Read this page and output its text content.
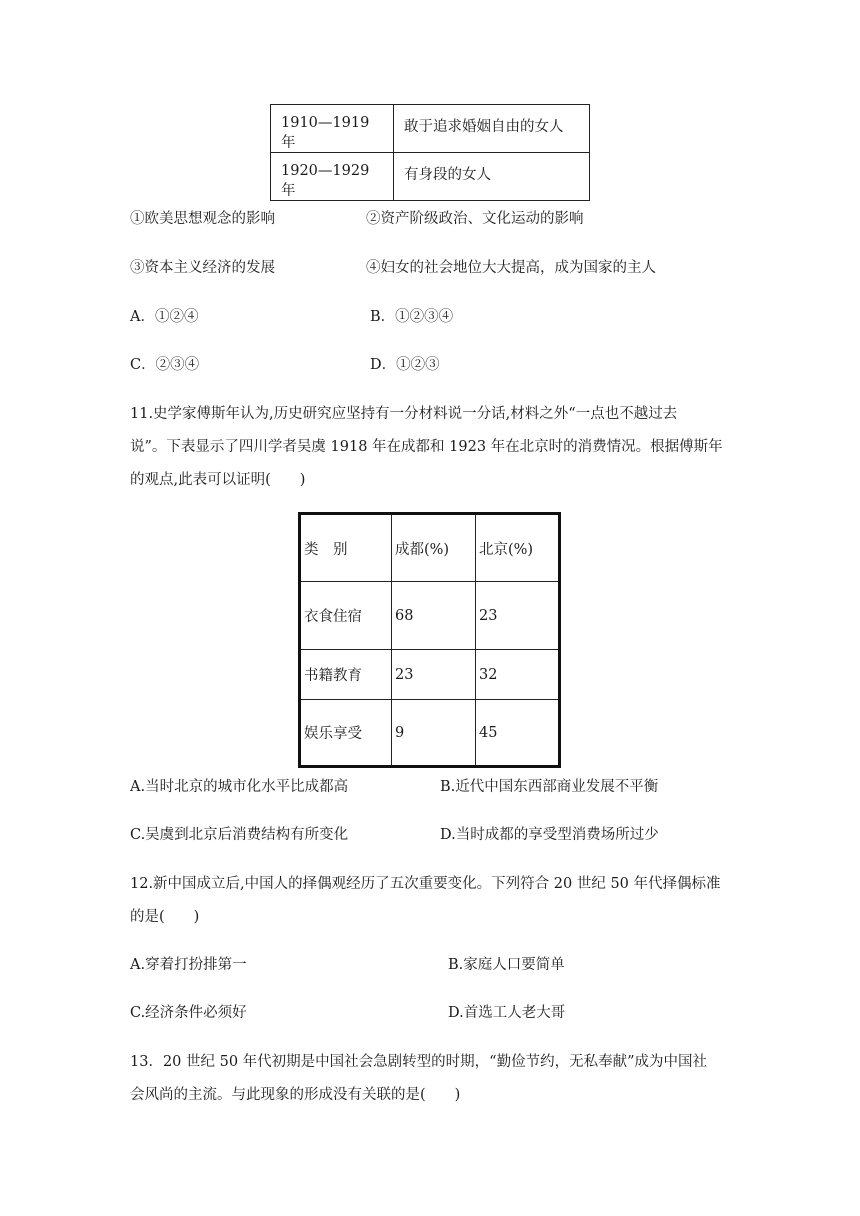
1910—1919 年	敢于追求婚姻自由的女人
1920—1929 年	有身段的女人
①欧美思想观念的影响	②资产阶级政治、文化运动的影响
③资本主义经济的发展	④妇女的社会地位大大提高，成为国家的主人
A．①②④	B．①②③④
C．②③④	D．①②③
11.史学家傅斯年认为,历史研究应坚持有一分材料说一分话,材料之外“一点也不越过去
说”。下表显示了四川学者吴虞 1918 年在成都和 1923 年在北京时的消费情况。根据傅斯年
的观点,此表可以证明(　　)
类　别	成都(%)	北京(%)
衣食住宿	68	23
书籍教育	23	32
娱乐享受	9	45
A.当时北京的城市化水平比成都高	B.近代中国东西部商业发展不平衡
C.吴虞到北京后消费结构有所变化	D.当时成都的享受型消费场所过少
12.新中国成立后,中国人的择偶观经历了五次重要变化。下列符合 20 世纪 50 年代择偶标准
的是(　　)
A.穿着打扮排第一	B.家庭人口要简单
C.经济条件必须好	D.首选工人老大哥
13．20 世纪 50 年代初期是中国社会急剧转型的时期，“勤俭节约，无私奉献”成为中国社
会风尚的主流。与此现象的形成没有关联的是(　　)
